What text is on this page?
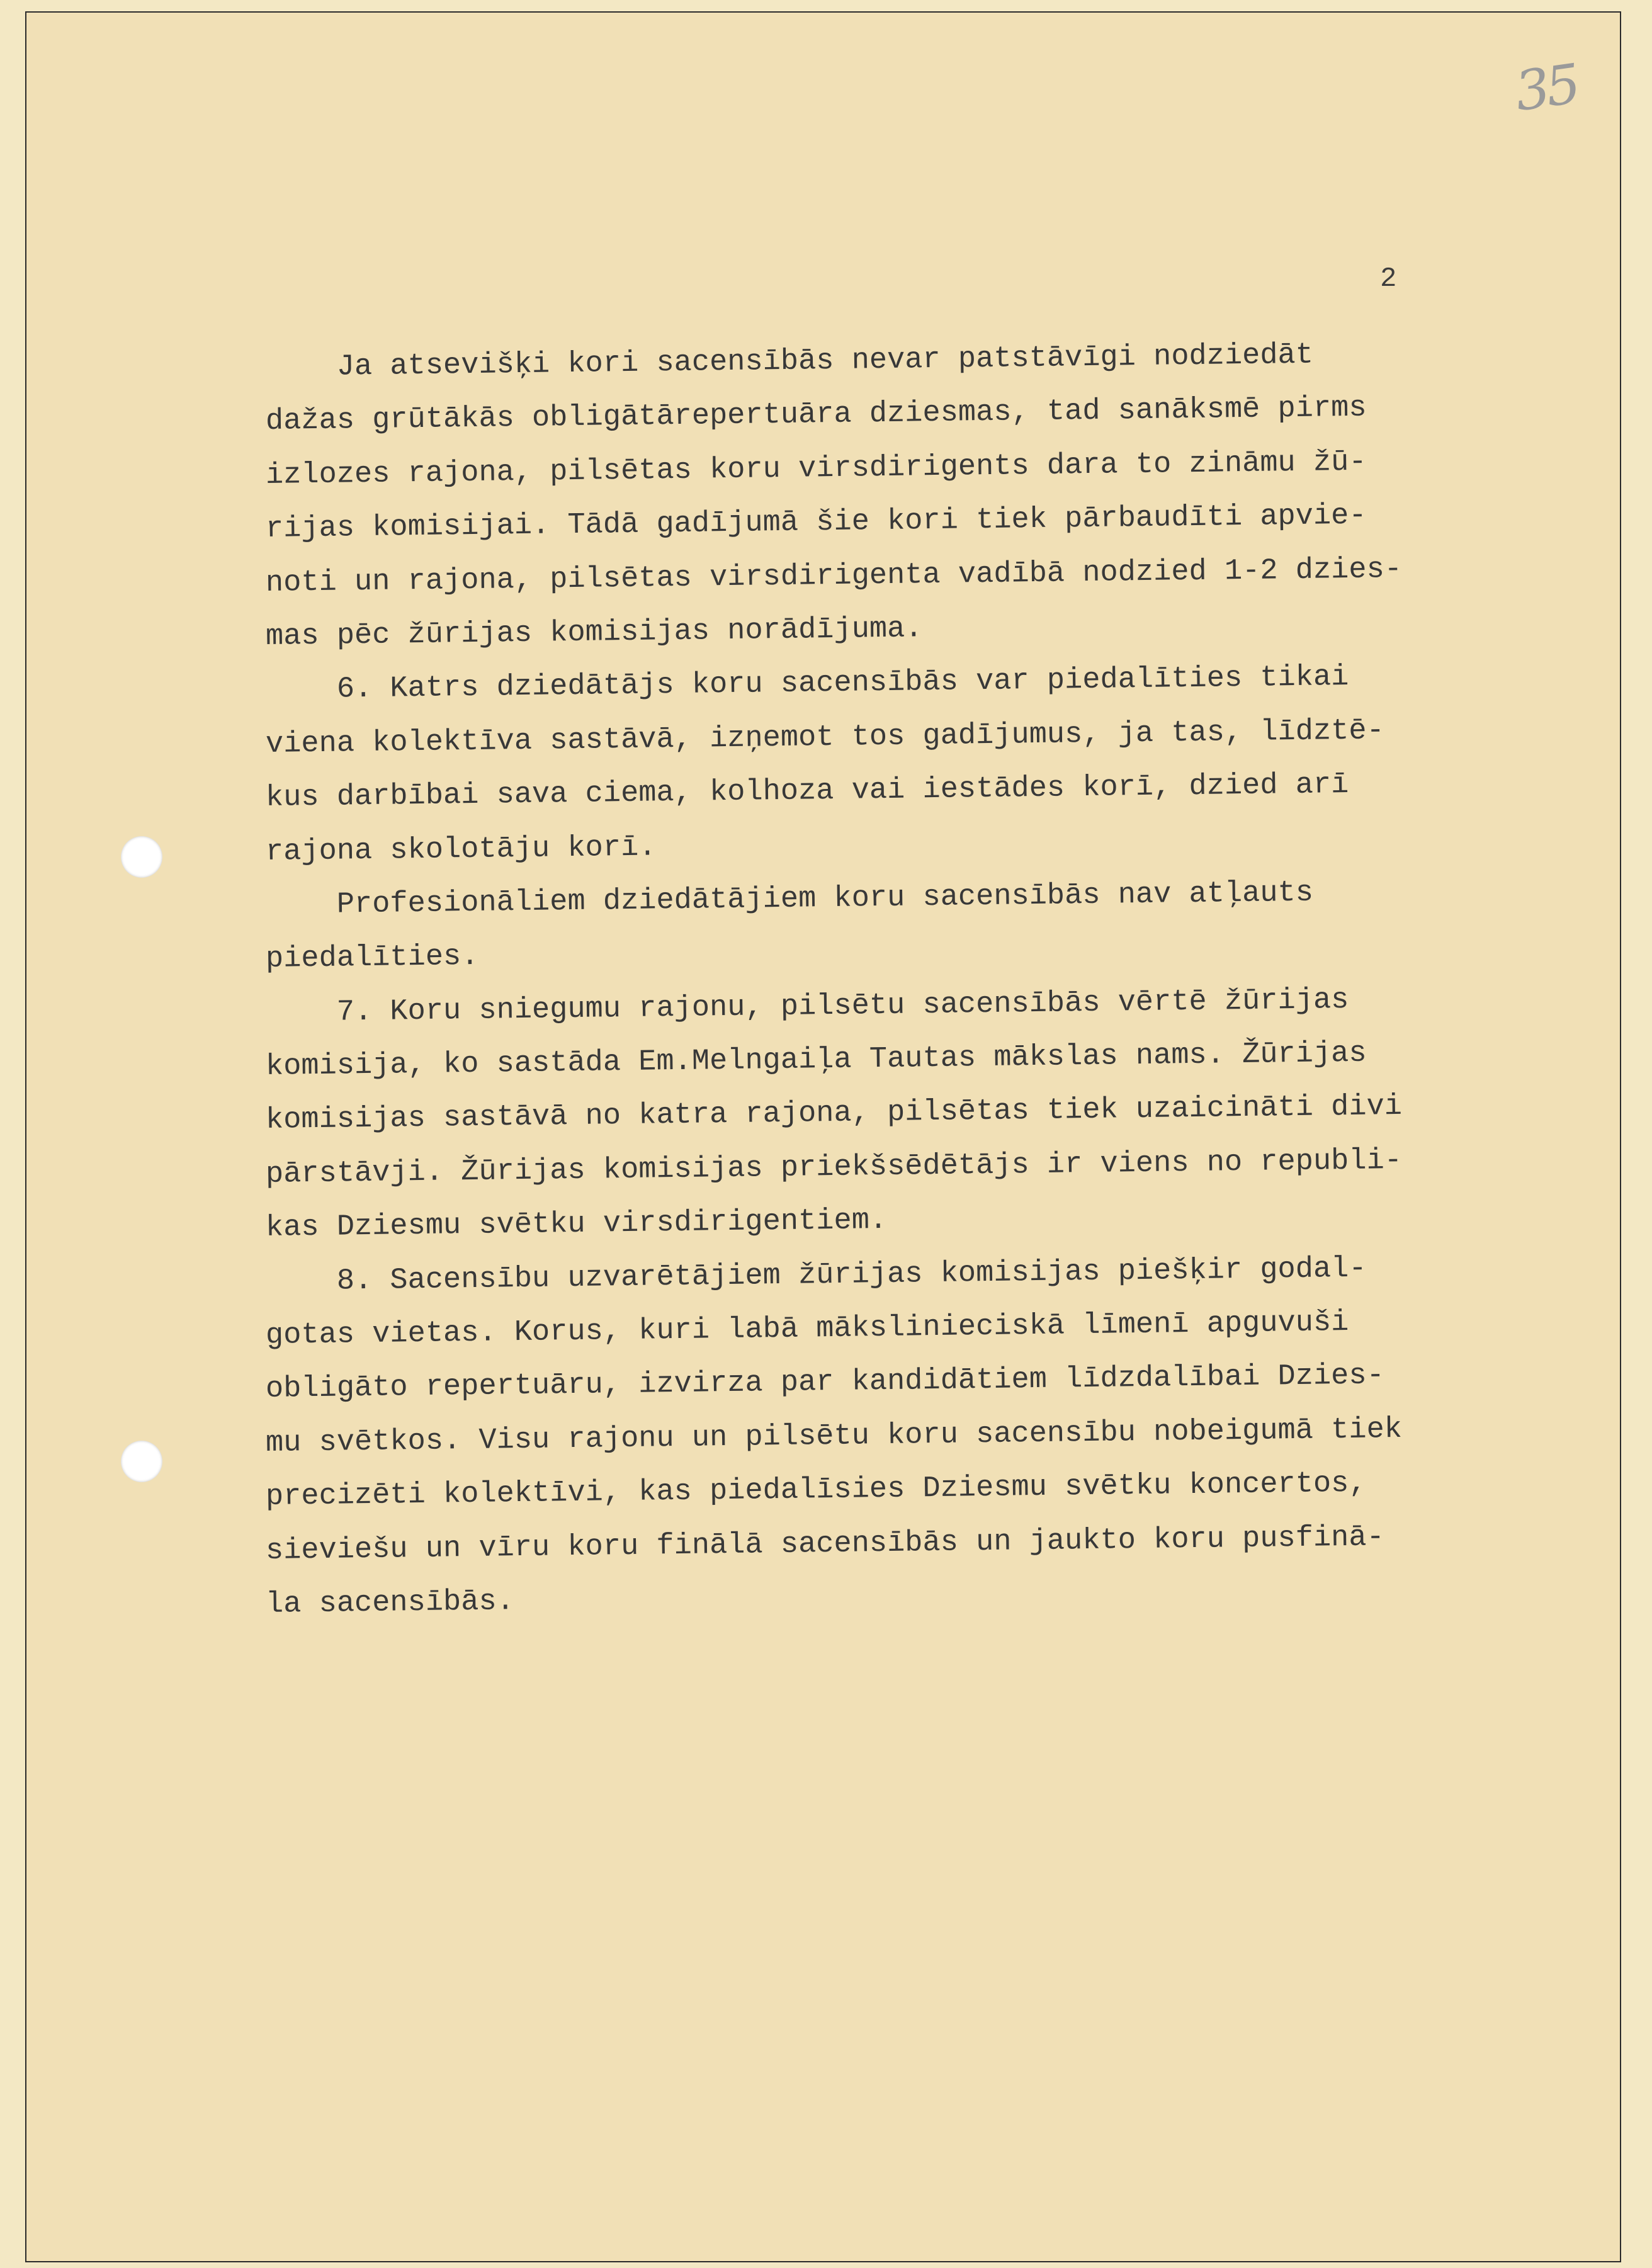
35
2
Ja atsevišķi kori sacensībās nevar patstāvīgi nodziedāt
dažas grūtākās obligātārepertuāra dziesmas, tad sanāksmē pirms
izlozes rajona, pilsētas koru virsdirigents dara to zināmu žū-
rijas komisijai. Tādā gadījumā šie kori tiek pārbaudīti apvie-
noti un rajona, pilsētas virsdirigenta vadībā nodzied 1-2 dzies-
mas pēc žūrijas komisijas norādījuma.
6. Katrs dziedātājs koru sacensībās var piedalīties tikai
viena kolektīva sastāvā, izņemot tos gadījumus, ja tas, līdztē-
kus darbībai sava ciema, kolhoza vai iestādes korī, dzied arī
rajona skolotāju korī.
Profesionāliem dziedātājiem koru sacensībās nav atļauts
piedalīties.
7. Koru sniegumu rajonu, pilsētu sacensībās vērtē žūrijas
komisija, ko sastāda Em.Melngaiļa Tautas mākslas nams. Žūrijas
komisijas sastāvā no katra rajona, pilsētas tiek uzaicināti divi
pārstāvji. Žūrijas komisijas priekšsēdētājs ir viens no republi-
kas Dziesmu svētku virsdirigentiem.
8. Sacensību uzvarētājiem žūrijas komisijas piešķir godal-
gotas vietas. Korus, kuri labā mākslinieciskā līmenī apguvuši
obligāto repertuāru, izvirza par kandidātiem līdzdalībai Dzies-
mu svētkos. Visu rajonu un pilsētu koru sacensību nobeigumā tiek
precizēti kolektīvi, kas piedalīsies Dziesmu svētku koncertos,
sieviešu un vīru koru finālā sacensībās un jaukto koru pusfinā-
la sacensībās.
